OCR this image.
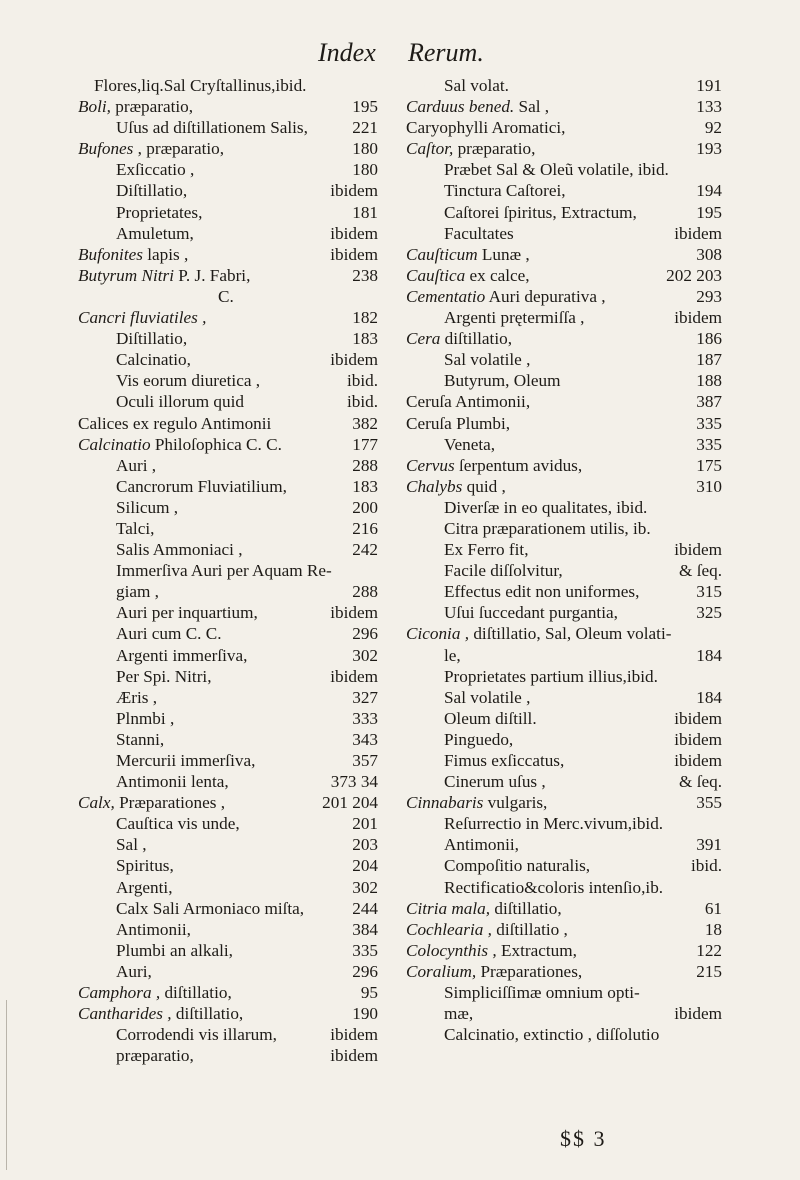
Index Rerum.
Flores,liq.Sal Cryſtallinus,ibid.
Boli, præparatio,	195
Uſus ad diſtillationem Salis,	221
Bufones , præparatio,	180
Exſiccatio ,	180
Diſtillatio,	ibidem
Proprietates,	181
Amuletum,	ibidem
Bufonites lapis ,	ibidem
Butyrum Nitri P. J. Fabri,	238
C.
Cancri fluviatiles ,	182
Diſtillatio,	183
Calcinatio,	ibidem
Vis eorum diuretica ,	ibid.
Oculi illorum quid	ibid.
Calices ex regulo Antimonii	382
Calcinatio Philoſophica C. C.	177
Auri ,	288
Cancrorum Fluviatilium,	183
Silicum ,	200
Talci,	216
Salis Ammoniaci ,	242
Immerſiva Auri per Aquam Re-
giam ,	288
Auri per inquartium,	ibidem
Auri cum C. C.	296
Argenti immerſiva,	302
Per Spi. Nitri,	ibidem
Æris ,	327
Plnmbi ,	333
Stanni,	343
Mercurii immerſiva,	357
Antimonii lenta,	373 34
Calx, Præparationes ,	201 204
Cauſtica vis unde,	201
Sal ,	203
Spiritus,	204
Argenti,	302
Calx Sali Armoniaco miſta,	244
Antimonii,	384
Plumbi an alkali,	335
Auri,	296
Camphora , diſtillatio,	95
Cantharides , diſtillatio,	190
Corrodendi vis illarum,	ibidem
præparatio,	ibidem
Sal volat.	191
Carduus bened. Sal ,	133
Caryophylli Aromatici,	92
Caſtor, præparatio,	193
Præbet Sal & Oleũ volatile, ibid.
Tinctura Caſtorei,	194
Caſtorei ſpiritus, Extractum,	195
Facultates	ibidem
Cauſticum Lunæ ,	308
Cauſtica ex calce,	202 203
Cementatio Auri depurativa ,	293
Argenti prętermiſſa ,	ibidem
Cera diſtillatio,	186
Sal volatile ,	187
Butyrum, Oleum	188
Ceruſa Antimonii,	387
Ceruſa Plumbi,	335
Veneta,	335
Cervus ſerpentum avidus,	175
Chalybs quid ,	310
Diverſæ in eo qualitates, ibid.
Citra præparationem utilis, ib.
Ex Ferro fit,	ibidem
Facile diſſolvitur,	& ſeq.
Effectus edit non uniformes,	315
Uſui ſuccedant purgantia,	325
Ciconia , diſtillatio, Sal, Oleum volati-
le,	184
Proprietates partium illius,ibid.
Sal volatile ,	184
Oleum diſtill.	ibidem
Pinguedo,	ibidem
Fimus exſiccatus,	ibidem
Cinerum uſus ,	& ſeq.
Cinnabaris vulgaris,	355
Reſurrectio in Merc.vivum,ibid.
Antimonii,	391
Compoſitio naturalis,	ibid.
Rectificatio&coloris intenſio,ib.
Citria mala, diſtillatio,	61
Cochlearia , diſtillatio ,	18
Colocynthis , Extractum,	122
Coralium, Præparationes,	215
Simpliciſſimæ omnium opti-
mæ,	ibidem
Calcinatio, extinctio , diſſolutio
$$ 3
